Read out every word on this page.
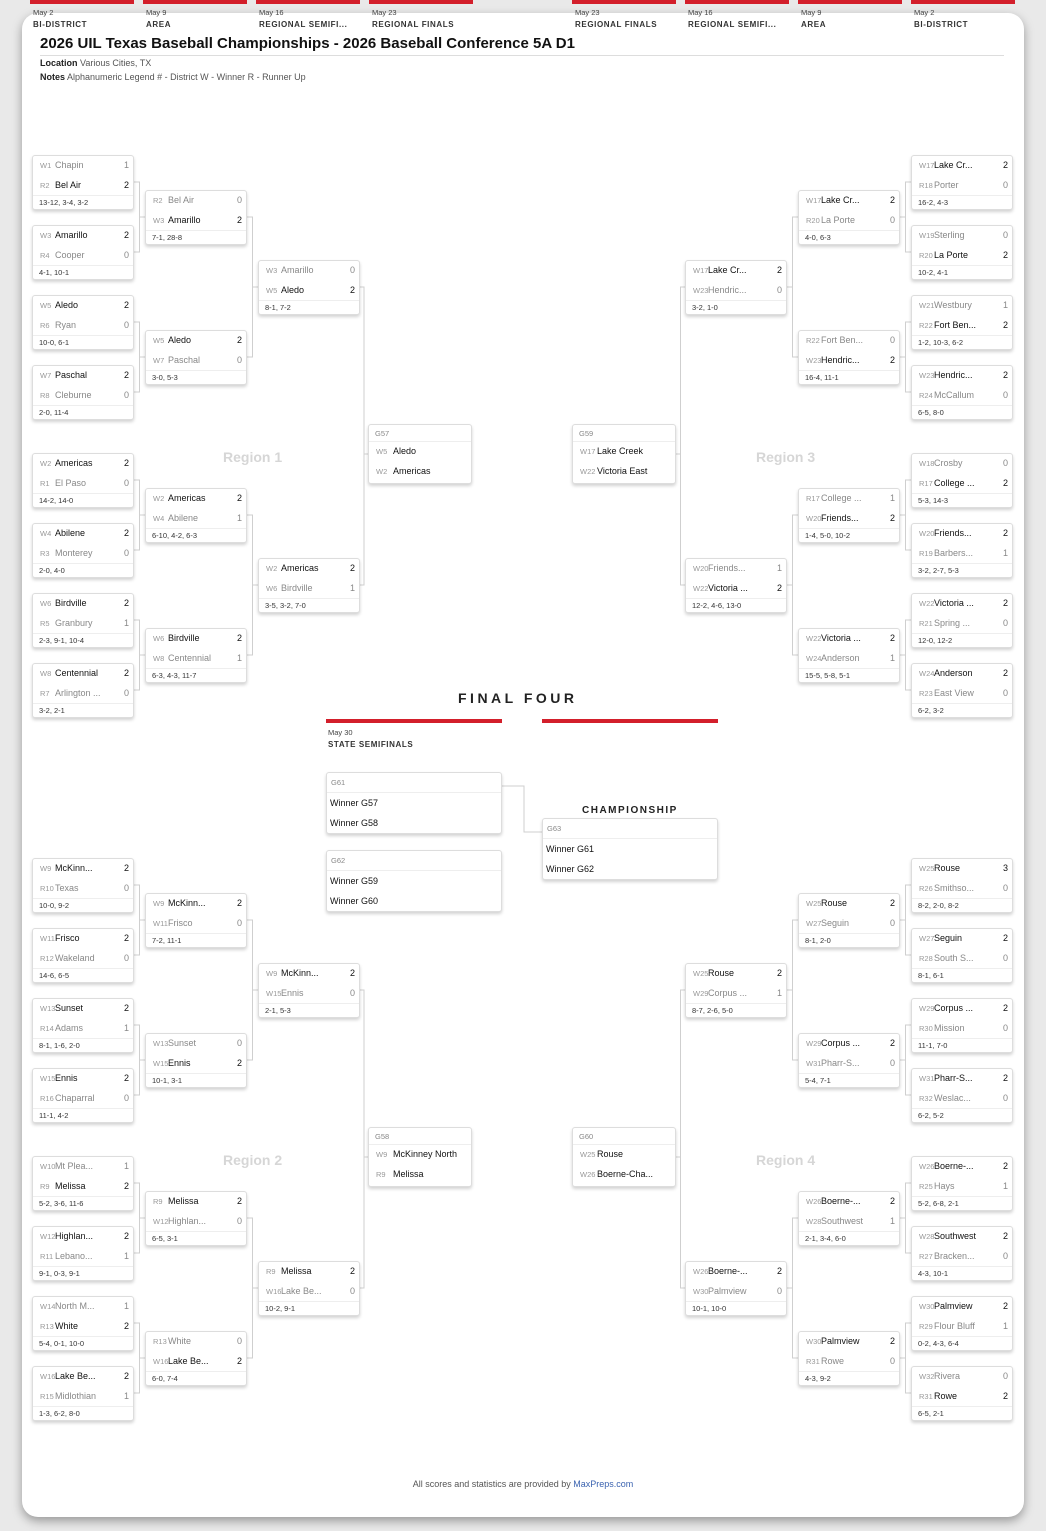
2026 UIL Texas Baseball Championships - 2026 Baseball Conference 5A D1
Location Various Cities, TX
Notes Alphanumeric Legend # - District W - Winner R - Runner Up
May 2
BI-DISTRICT
May 9
AREA
May 16
REGIONAL SEMIFI...
May 23
REGIONAL FINALS
May 23
REGIONAL FINALS
May 16
REGIONAL SEMIFI...
May 9
AREA
May 2
BI-DISTRICT
W1 Chapin	1
R2 Bel Air	2
13-12, 3-4, 3-2
W3 Amarillo	2
R4 Cooper	0
4-1, 10-1
W5 Aledo	2
R6 Ryan	0
10-0, 6-1
W7 Paschal	2
R8 Cleburne	0
2-0, 11-4
W2 Americas	2
R1 El Paso	0
14-2, 14-0
W4 Abilene	2
R3 Monterey	0
2-0, 4-0
W6 Birdville	2
R5 Granbury	1
2-3, 9-1, 10-4
W8 Centennial	2
R7 Arlington ...	0
3-2, 2-1
W9 McKinn...	2
R10 Texas	0
10-0, 9-2
W11 Frisco	2
R12 Wakeland	0
14-6, 6-5
W13 Sunset	2
R14 Adams	1
8-1, 1-6, 2-0
W15 Ennis	2
R16 Chaparral	0
11-1, 4-2
W10 Mt Plea...	1
R9 Melissa	2
5-2, 3-6, 11-6
W12 Highlan...	2
R11 Lebano...	1
9-1, 0-3, 9-1
W14 North M...	1
R13 White	2
5-4, 0-1, 10-0
W16 Lake Be...	2
R15 Midlothian	1
1-3, 6-2, 8-0
R2 Bel Air	0
W3 Amarillo	2
7-1, 28-8
W5 Aledo	2
W7 Paschal	0
3-0, 5-3
W2 Americas	2
W4 Abilene	1
6-10, 4-2, 6-3
W6 Birdville	2
W8 Centennial	1
6-3, 4-3, 11-7
W9 McKinn...	2
W11 Frisco	0
7-2, 11-1
W13 Sunset	0
W15 Ennis	2
10-1, 3-1
R9 Melissa	2
W12 Highlan...	0
6-5, 3-1
R13 White	0
W16 Lake Be...	2
6-0, 7-4
W3 Amarillo	0
W5 Aledo	2
8-1, 7-2
W2 Americas	2
W6 Birdville	1
3-5, 3-2, 7-0
W9 McKinn...	2
W15 Ennis	0
2-1, 5-3
R9 Melissa	2
W16 Lake Be...	0
10-2, 9-1
W17 Lake Cr...	2
R18 Porter	0
16-2, 4-3
W19 Sterling	0
R20 La Porte	2
10-2, 4-1
W21 Westbury	1
R22 Fort Ben...	2
1-2, 10-3, 6-2
W23 Hendric...	2
R24 McCallum	0
6-5, 8-0
W18 Crosby	0
R17 College ...	2
5-3, 14-3
W20 Friends...	2
R19 Barbers...	1
3-2, 2-7, 5-3
W22 Victoria ...	2
R21 Spring ...	0
12-0, 12-2
W24 Anderson	2
R23 East View	0
6-2, 3-2
W25 Rouse	3
R26 Smithso...	0
8-2, 2-0, 8-2
W27 Seguin	2
R28 South S...	0
8-1, 6-1
W29 Corpus ...	2
R30 Mission	0
11-1, 7-0
W31 Pharr-S...	2
R32 Weslac...	0
6-2, 5-2
W26 Boerne-...	2
R25 Hays	1
5-2, 6-8, 2-1
W28 Southwest	2
R27 Bracken...	0
4-3, 10-1
W30 Palmview	2
R29 Flour Bluff	1
0-2, 4-3, 6-4
W32 Rivera	0
R31 Rowe	2
6-5, 2-1
W17 Lake Cr...	2
R20 La Porte	0
4-0, 6-3
R22 Fort Ben...	0
W23 Hendric...	2
16-4, 11-1
R17 College ...	1
W20 Friends...	2
1-4, 5-0, 10-2
W22 Victoria ...	2
W24 Anderson	1
15-5, 5-8, 5-1
W25 Rouse	2
W27 Seguin	0
8-1, 2-0
W29 Corpus ...	2
W31 Pharr-S...	0
5-4, 7-1
W26 Boerne-...	2
W28 Southwest	1
2-1, 3-4, 6-0
W30 Palmview	2
R31 Rowe	0
4-3, 9-2
W17 Lake Cr...	2
W23 Hendric...	0
3-2, 1-0
W20 Friends...	1
W22 Victoria ...	2
12-2, 4-6, 13-0
W25 Rouse	2
W29 Corpus ...	1
8-7, 2-6, 5-0
W26 Boerne-...	2
W30 Palmview	0
10-1, 10-0
G57
W5 Aledo
W2 Americas
G58
W9 McKinney North
R9 Melissa
G59
W17 Lake Creek
W22 Victoria East
G60
W25 Rouse
W26 Boerne-Cha...
Region 1
Region 2
Region 3
Region 4
FINAL FOUR
May 30
STATE SEMIFINALS
CHAMPIONSHIP
G61
Winner G57
Winner G58
G62
Winner G59
Winner G60
G63
Winner G61
Winner G62
All scores and statistics are provided by MaxPreps.com
